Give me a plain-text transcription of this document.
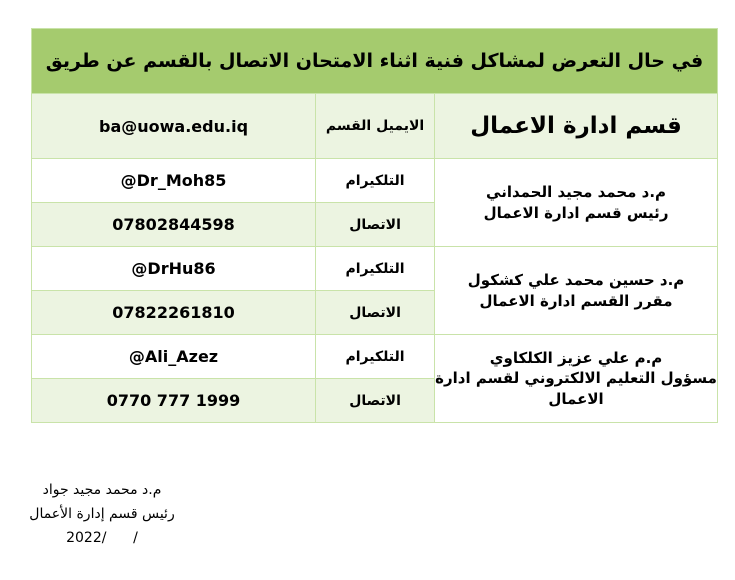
في حال التعرض لمشاكل فنية اثناء الامتحان الاتصال بالقسم عن طريق		
قسم ادارة الاعمال	الايميل القسم	ba@uowa.edu.iq

م.د محمد مجيد الحمداني
رئيس قسم ادارة الاعمال	التلكيرام	@Dr_Moh85
	الاتصال	07802844598

م.د حسين محمد علي كشكول
مقرر القسم ادارة الاعمال	التلكيرام	@DrHu86
	الاتصال	07822261810

م.م علي عزيز الكلكاوي
مسؤول التعليم الالكتروني لقسم ادارة الاعمال	التلكيرام	@Ali_Azez
	الاتصال	0770 777 1999
م.د محمد مجيد جواد
رئيس قسم إدارة الأعمال
2022/      /
